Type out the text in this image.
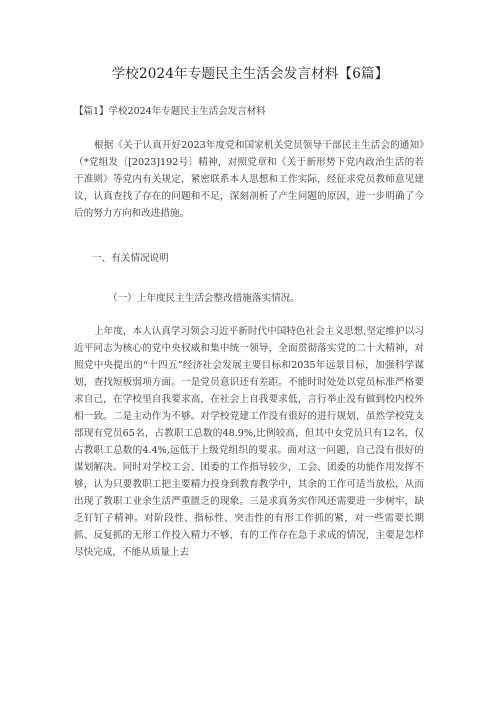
学校2024年专题民主生活会发言材料【6篇】

【篇1】学校2024年专题民主生活会发言材料

根据《关于认真开好2023年度党和国家机关党员领导干部民主生活会的通知》（*党组发〔[2023]192号〕精神，对照党章和《关于新形势下党内政治生活的若干准则》等党内有关规定，紧密联系本人思想和工作实际，经征求党员教师意见建议，认真查找了存在的问题和不足，深刻剖析了产生问题的原因，进一步明确了今后的努力方向和改进措施。

一、有关情况说明

（一）上年度民主生活会整改措施落实情况。

上年度，本人认真学习领会习近平新时代中国特色社会主义思想,坚定维护以习近平同志为核心的党中央权威和集中统一领导，全面贯彻落实党的二十大精神，对照党中央提出的“十四五”经济社会发展主要目标和2035年远景目标，加强科学谋划，查找短板弱项方面。一是党员意识还有差距。不能时时处处以党员标准严格要求自己，在学校里自我要求高，在社会上自我要求低，言行举止没有做到校内校外相一致。二是主动作为不够。对学校党建工作没有很好的进行规划，虽然学校党支部现有党员65名，占教职工总数的48.9%,比例较高，但其中女党员只有12名，仅占教职工总数的4.4%,远低于上级党组织的要求。面对这一问题，自己没有很好的谋划解决。同时对学校工会、团委的工作指导较少，工会、团委的功能作用发挥不够，认为只要教职工把主要精力投身到教育教学中，其余的工作可适当放松，从而出现了教职工业余生活严重匮乏的现象。三是求真务实作风还需要进一步树牢，缺乏钉钉子精神。对阶段性、指标性、突击性的有形工作抓的紧，对一些需要长期抓、反复抓的无形工作投入精力不够，有的工作存在急于求成的情况，主要是怎样尽快完成，不能从质量上去
